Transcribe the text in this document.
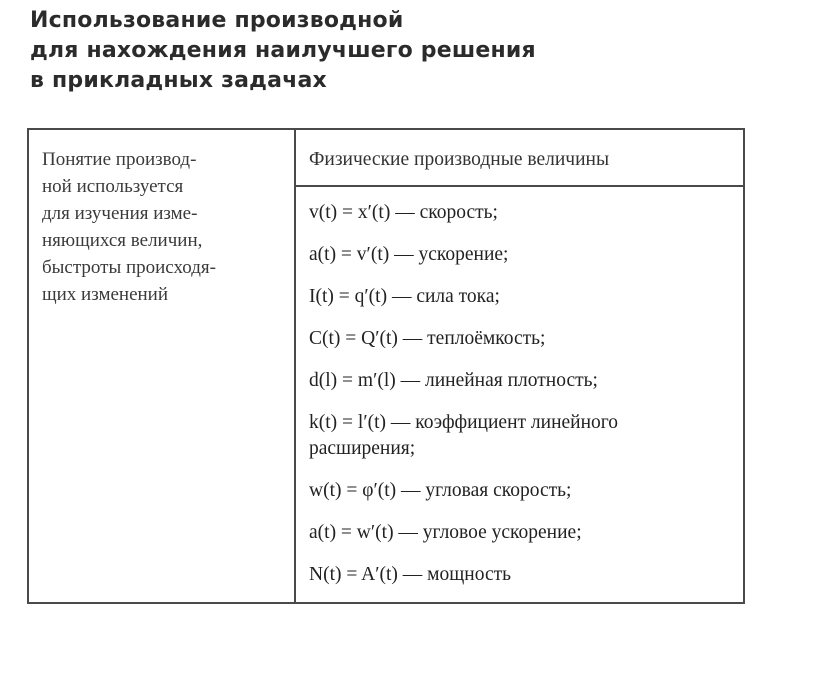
Использование производной
для нахождения наилучшего решения
в прикладных задачах
Понятие производ-
ной используется
для изучения изме-
няющихся величин,
быстроты происходя-
щих изменений
Физические производные величины
v(t) = x′(t) — скорость;
a(t) = v′(t) — ускорение;
I(t) = q′(t) — сила тока;
C(t) = Q′(t) — теплоёмкость;
d(l) = m′(l) — линейная плотность;
k(t) = l′(t) — коэффициент линейного
расширения;
w(t) = φ′(t) — угловая скорость;
a(t) = w′(t) — угловое ускорение;
N(t) = A′(t) — мощность
